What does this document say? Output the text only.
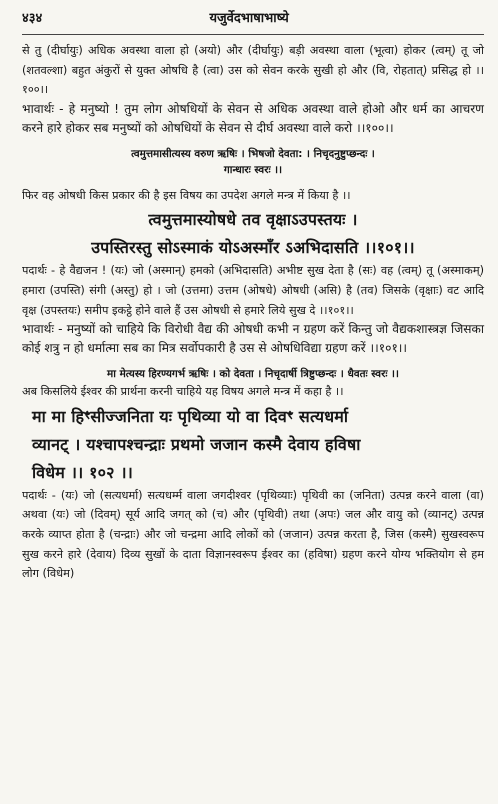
४३४	यजुर्वेदभाषाभाष्ये

से तु (दीर्घायुः) अधिक अवस्था वाला हो (अयो) और (दीर्घायुः) बड़ी अवस्था वाला (भूत्वा) होकर (त्वम्) तू जो (शतवल्शा) बहुत अंकुरों से युक्त ओषधि है (त्वा) उस को सेवन करके सुखी हो और (वि, रोहतात्) प्रसिद्ध हो ।।१००।।

भावार्थः - हे मनुष्यो ! तुम लोग ओषधियों के सेवन से अधिक अवस्था वाले होओ और धर्म का आचरण करने हारे होकर सब मनुष्यों को ओषधियों के सेवन से दीर्घ अवस्था वाले करो ।।१००।।

त्वमुत्तमासीत्यस्य वरुण ऋषिः । भिषजो देवता: । निचृदनुष्टुप्छन्दः ।

गान्धारः स्वरः ।।

फिर वह ओषधी किस प्रकार की है इस विषय का उपदेश अगले मन्त्र में किया है ।।

त्वमुत्तमास्योषधे तव वृक्षाऽउपस्तयः ।

उपस्तिरस्तु सोऽस्माकं योऽअस्माँर ऽअभिदासति ।।१०१।।

पदार्थः - हे वैद्यजन ! (यः) जो (अस्मान्) हमको (अभिदासति) अभीष्ट सुख देता है (सः) वह (त्वम्) तू (अस्माकम्) हमारा (उपस्ति) संगी (अस्तु) हो । जो (उत्तमा) उत्तम (ओषधे) ओषधी (असि) है (तव) जिसके (वृक्षाः) वट आदि वृक्ष (उपस्तयः) समीप इकट्ठे होने वाले हैं उस ओषधी से हमारे लिये सुख दे ।।१०१।।

भावार्थः - मनुष्यों को चाहिये कि विरोधी वैद्य की ओषधी कभी न ग्रहण करें किन्तु जो वैद्यकशास्त्रज्ञ जिसका कोई शत्रु न हो धर्मात्मा सब का मित्र सर्वोपकारी है उस से ओषधिविद्या ग्रहण करें ।।१०१।।

मा मेत्यस्य हिरण्यगर्भ ऋषिः । को देवता । निचृदार्षी त्रिष्टुप्छन्दः । धैवतः स्वरः ।।

अब किसलिये ईश्वर की प्रार्थना करनी चाहिये यह विषय अगले मन्त्र में कहा है ।।

मा मा हिꣳसीज्जनिता यः पृथिव्या यो वा दिवꣳ सत्यधर्मा

व्यानट् । यश्चापश्चन्द्राः प्रथमो जजान कस्मै देवाय हविषा

विधेम ।। १०२ ।।

पदार्थः - (यः) जो (सत्यधर्मा) सत्यधर्म्म वाला जगदीश्वर (पृथिव्याः) पृथिवी का (जनिता) उत्पन्न करने वाला (वा) अथवा (यः) जो (दिवम्) सूर्य आदि जगत् को (च) और (पृथिवी) तथा (अपः) जल और वायु को (व्यानट्) उत्पन्न करके व्याप्त होता है (चन्द्राः) और जो चन्द्रमा आदि लोकों को (जजान) उत्पन्न करता है, जिस (कस्मै) सुखस्वरूप सुख करने हारे (देवाय) दिव्य सुखों के दाता विज्ञानस्वरूप ईश्वर का (हविषा) ग्रहण करने योग्य भक्तियोग से हम लोग (विधेम)
